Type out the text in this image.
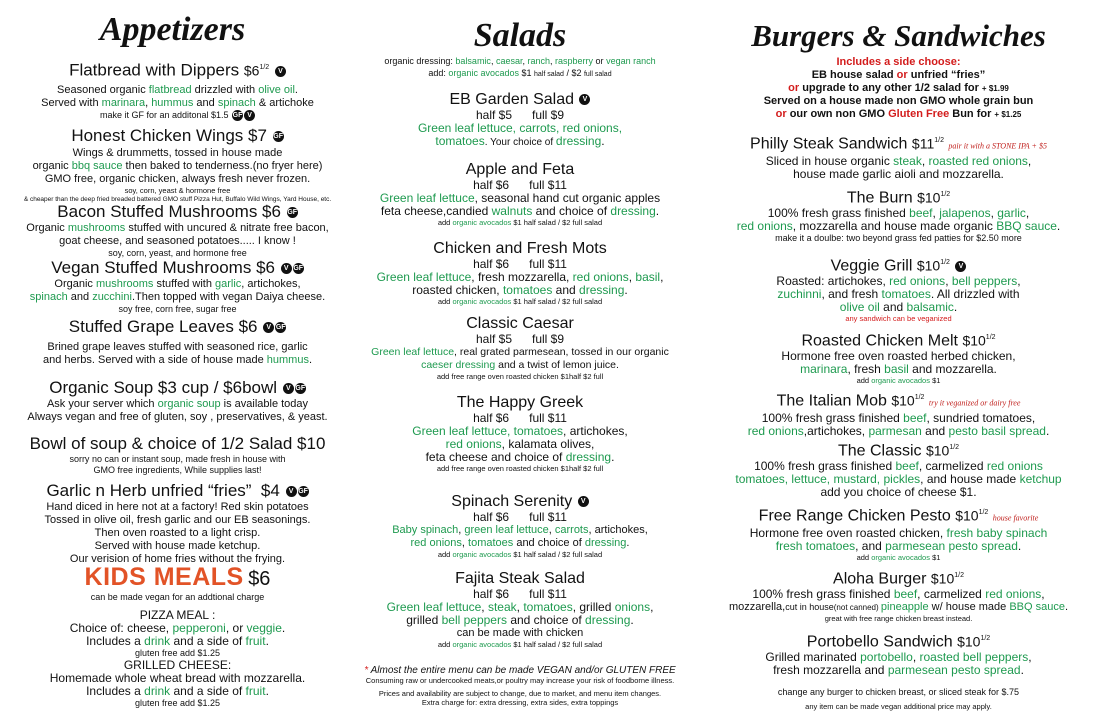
Appetizers
Flatbread with Dippers $\$6^{1/2}$ V
Seasoned organic flatbread drizzled with olive oil.
Served with marinara, hummus and spinach & artichoke
make it GF for an additonal $1.5 GF V
Honest Chicken Wings $7 GF
Wings & drummetts, tossed in house made
organic bbq sauce then baked to tenderness.(no fryer here)
GMO free, organic chicken, always fresh never frozen.
soy, corn, yeast & hormone free
& cheaper than the deep fried breaded battered GMO stuff Pizza Hut, Buffalo Wild Wings, Yard House, etc.
Bacon Stuffed Mushrooms $6 GF
Organic mushrooms stuffed with uncured & nitrate free bacon,
goat cheese, and seasoned potatoes..... I know !
soy, corn, yeast, and hormone free
Vegan Stuffed Mushrooms $6 V GF
Organic mushrooms stuffed with garlic, artichokes,
spinach and zucchini.Then topped with vegan Daiya cheese.
soy free, corn free, sugar free
Stuffed Grape Leaves $6 V GF
Brined grape leaves stuffed with seasoned rice, garlic
and herbs. Served with a side of house made hummus.
Organic Soup $3 cup / $6bowl V GF
Ask your server which organic soup is available today
Always vegan and free of gluten, soy , preservatives, & yeast.
Bowl of soup & choice of 1/2 Salad $10
sorry no can or instant soup, made fresh in house with
GMO free ingredients, While supplies last!
Garlic n Herb unfried “fries” $4 V GF
Hand diced in here not at a factory! Red skin potatoes
Tossed in olive oil, fresh garlic and our EB seasonings.
Then oven roasted to a light crisp.
Served with house made ketchup.
Our verision of home fries without the frying.
KIDS MEALS $6
can be made vegan for an addtional charge
PIZZA MEAL :
Choice of: cheese, pepperoni, or veggie.
Includes a drink and a side of fruit.
gluten free add $1.25
GRILLED CHEESE:
Homemade whole wheat bread with mozzarella.
Includes a drink and a side of fruit.
gluten free add $1.25
Salads
organic dressing: balsamic, caesar, ranch, raspberry or vegan ranch
add: organic avocados $1 half salad / $2 full salad
EB Garden Salad V
half $5      full $9
Green leaf lettuce, carrots, red onions,
tomatoes. Your choice of dressing.
Apple and Feta
half $6      full $11
Green leaf lettuce, seasonal hand cut organic apples
feta cheese,candied walnuts and choice of dressing.
add organic avocados $1 half salad / $2 full salad
Chicken and Fresh Mots
half $6      full $11
Green leaf lettuce, fresh mozzarella, red onions, basil,
roasted chicken, tomatoes and dressing.
add organic avocados $1 half salad / $2 full salad
Classic Caesar
half $5      full $9
Green leaf lettuce, real grated parmesean, tossed in our organic
caeser dressing and a twist of lemon juice.
add free range oven roasted chicken $1half $2 full
The Happy Greek
half $6      full $11
Green leaf lettuce, tomatoes, artichokes,
red onions, kalamata olives,
feta cheese and choice of dressing.
add free range oven roasted chicken $1half $2 full
Spinach Serenity V
half $6      full $11
Baby spinach, green leaf lettuce, carrots, artichokes,
red onions, tomatoes and choice of dressing.
add organic avocados $1 half salad / $2 full salad
Fajita Steak Salad
half $6      full $11
Green leaf lettuce, steak, tomatoes, grilled onions,
grilled bell peppers and choice of dressing.
can be made with chicken
add organic avocados $1 half salad / $2 full salad
* Almost the entire menu can be made VEGAN and/or GLUTEN FREE
Consuming raw or undercooked meats,or poultry may increase your risk of foodborne illness.
Prices and availability are subject to change, due to market, and menu item changes.
Extra charge for: extra dressing, extra sides, extra toppings
Burgers & Sandwiches
Includes a side choose:
EB house salad or unfried “fries”
or upgrade to any other 1/2 salad for + $1.99
Served on a house made non GMO whole grain bun
or our own non GMO Gluten Free Bun for + $1.25
Philly Steak Sandwich $\$11^{1/2}$ pair it with a STONE IPA + $5
Sliced in house organic steak, roasted red onions,
house made garlic aioli and mozzarella.
The Burn $\$10^{1/2}$
100% fresh grass finished beef, jalapenos, garlic,
red onions, mozzarella and house made organic BBQ sauce.
make it a doulbe: two beyond grass fed patties for $2.50 more
Veggie Grill $\$10^{1/2}$ V
Roasted: artichokes, red onions, bell peppers,
zuchinni, and fresh tomatoes. All drizzled with
olive oil and balsamic.
any sandwich can be veganized
Roasted Chicken Melt $\$10^{1/2}$
Hormone free oven roasted herbed chicken,
marinara, fresh basil and mozzarella.
add organic avocados $1
The Italian Mob $\$10^{1/2}$ try it veganized or dairy free
100% fresh grass finished beef, sundried tomatoes,
red onions,artichokes, parmesan and pesto basil spread.
The Classic $\$10^{1/2}$
100% fresh grass finished beef, carmelized red onions
tomatoes, lettuce, mustard, pickles, and house made ketchup
add you choice of cheese $1.
Free Range Chicken Pesto $\$10^{1/2}$ house favorite
Hormone free oven roasted chicken, fresh baby spinach
fresh tomatoes, and parmesean pesto spread.
add organic avocados $1
Aloha Burger $\$10^{1/2}$
100% fresh grass finished beef, carmelized red onions,
mozzarella,cut in house(not canned) pineapple w/ house made BBQ sauce.
great with free range chicken breast instead.
Portobello Sandwich $\$10^{1/2}$
Grilled marinated portobello, roasted bell peppers,
fresh mozzarella and parmesean pesto spread.
change any burger to chicken breast, or sliced steak for $.75
any item can be made vegan additional price may apply.
